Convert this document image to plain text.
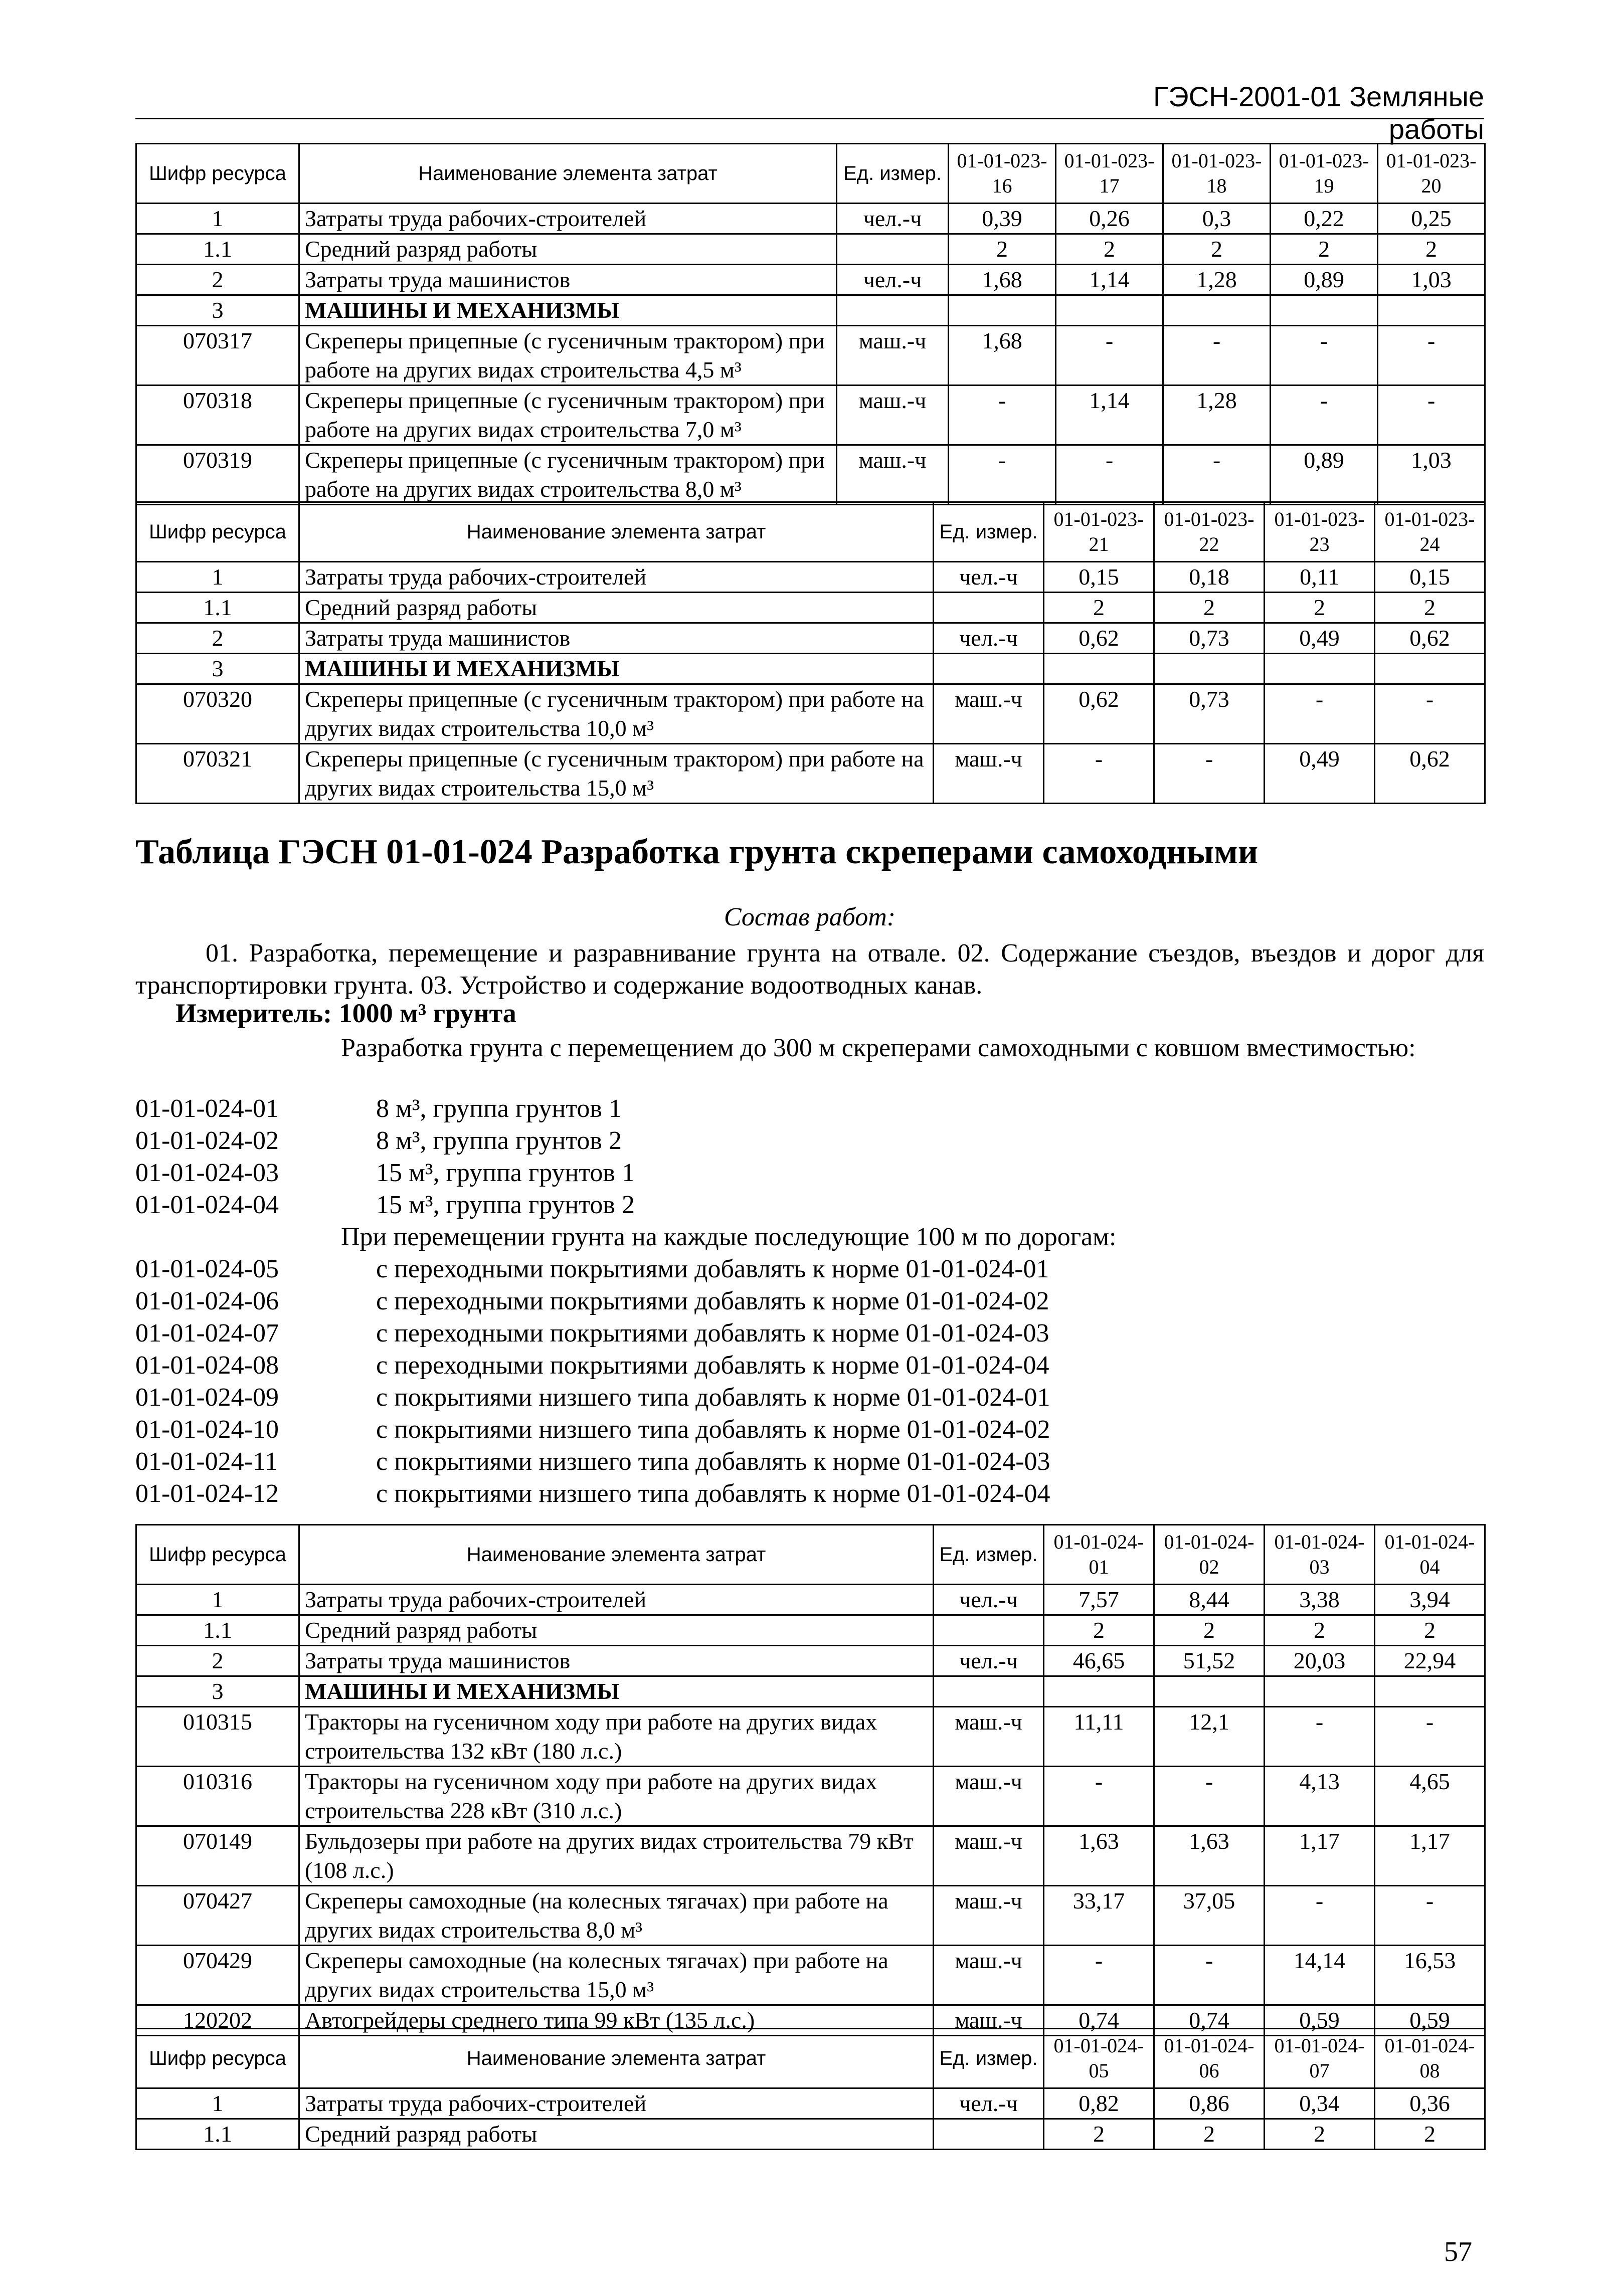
ГЭСН-2001-01 Земляные работы
Шифр ресурса	Наименование элемента затрат	Ед. измер.	01-01-023-16	01-01-023-17	01-01-023-18	01-01-023-19	01-01-023-20
1	Затраты труда рабочих-строителей	чел.-ч	0,39	0,26	0,3	0,22	0,25
1.1	Средний разряд работы		2	2	2	2	2
2	Затраты труда машинистов	чел.-ч	1,68	1,14	1,28	0,89	1,03
3	МАШИНЫ И МЕХАНИЗМЫ						
070317	Скреперы прицепные (с гусеничным трактором) при работе на других видах строительства 4,5 м³	маш.-ч	1,68	-	-	-	-
070318	Скреперы прицепные (с гусеничным трактором) при работе на других видах строительства 7,0 м³	маш.-ч	-	1,14	1,28	-	-
070319	Скреперы прицепные (с гусеничным трактором) при работе на других видах строительства 8,0 м³	маш.-ч	-	-	-	0,89	1,03
Шифр ресурса	Наименование элемента затрат	Ед. измер.	01-01-023-21	01-01-023-22	01-01-023-23	01-01-023-24
1	Затраты труда рабочих-строителей	чел.-ч	0,15	0,18	0,11	0,15
1.1	Средний разряд работы		2	2	2	2
2	Затраты труда машинистов	чел.-ч	0,62	0,73	0,49	0,62
3	МАШИНЫ И МЕХАНИЗМЫ					
070320	Скреперы прицепные (с гусеничным трактором) при работе на других видах строительства 10,0 м³	маш.-ч	0,62	0,73	-	-
070321	Скреперы прицепные (с гусеничным трактором) при работе на других видах строительства 15,0 м³	маш.-ч	-	-	0,49	0,62
Таблица ГЭСН 01-01-024 Разработка грунта скреперами самоходными
Состав работ:
01. Разработка, перемещение и разравнивание грунта на отвале. 02. Содержание съездов, въездов и дорог для транспортировки грунта. 03. Устройство и содержание водоотводных канав.
Измеритель: 1000 м³ грунта
Разработка грунта с перемещением до 300 м скреперами самоходными с ковшом вместимостью:
01-01-024-01	8 м³, группа грунтов 1
01-01-024-02	8 м³, группа грунтов 2
01-01-024-03	15 м³, группа грунтов 1
01-01-024-04	15 м³, группа грунтов 2
При перемещении грунта на каждые последующие 100 м по дорогам:
01-01-024-05	с переходными покрытиями добавлять к норме 01-01-024-01
01-01-024-06	с переходными покрытиями добавлять к норме 01-01-024-02
01-01-024-07	с переходными покрытиями добавлять к норме 01-01-024-03
01-01-024-08	с переходными покрытиями добавлять к норме 01-01-024-04
01-01-024-09	с покрытиями низшего типа добавлять к норме 01-01-024-01
01-01-024-10	с покрытиями низшего типа добавлять к норме 01-01-024-02
01-01-024-11	с покрытиями низшего типа добавлять к норме 01-01-024-03
01-01-024-12	с покрытиями низшего типа добавлять к норме 01-01-024-04
Шифр ресурса	Наименование элемента затрат	Ед. измер.	01-01-024-01	01-01-024-02	01-01-024-03	01-01-024-04
1	Затраты труда рабочих-строителей	чел.-ч	7,57	8,44	3,38	3,94
1.1	Средний разряд работы		2	2	2	2
2	Затраты труда машинистов	чел.-ч	46,65	51,52	20,03	22,94
3	МАШИНЫ И МЕХАНИЗМЫ					
010315	Тракторы на гусеничном ходу при работе на других видах строительства 132 кВт (180 л.с.)	маш.-ч	11,11	12,1	-	-
010316	Тракторы на гусеничном ходу при работе на других видах строительства 228 кВт (310 л.с.)	маш.-ч	-	-	4,13	4,65
070149	Бульдозеры при работе на других видах строительства 79 кВт (108 л.с.)	маш.-ч	1,63	1,63	1,17	1,17
070427	Скреперы самоходные (на колесных тягачах) при работе на других видах строительства 8,0 м³	маш.-ч	33,17	37,05	-	-
070429	Скреперы самоходные (на колесных тягачах) при работе на других видах строительства 15,0 м³	маш.-ч	-	-	14,14	16,53
120202	Автогрейдеры среднего типа 99 кВт (135 л.с.)	маш.-ч	0,74	0,74	0,59	0,59
Шифр ресурса	Наименование элемента затрат	Ед. измер.	01-01-024-05	01-01-024-06	01-01-024-07	01-01-024-08
1	Затраты труда рабочих-строителей	чел.-ч	0,82	0,86	0,34	0,36
1.1	Средний разряд работы		2	2	2	2
57
